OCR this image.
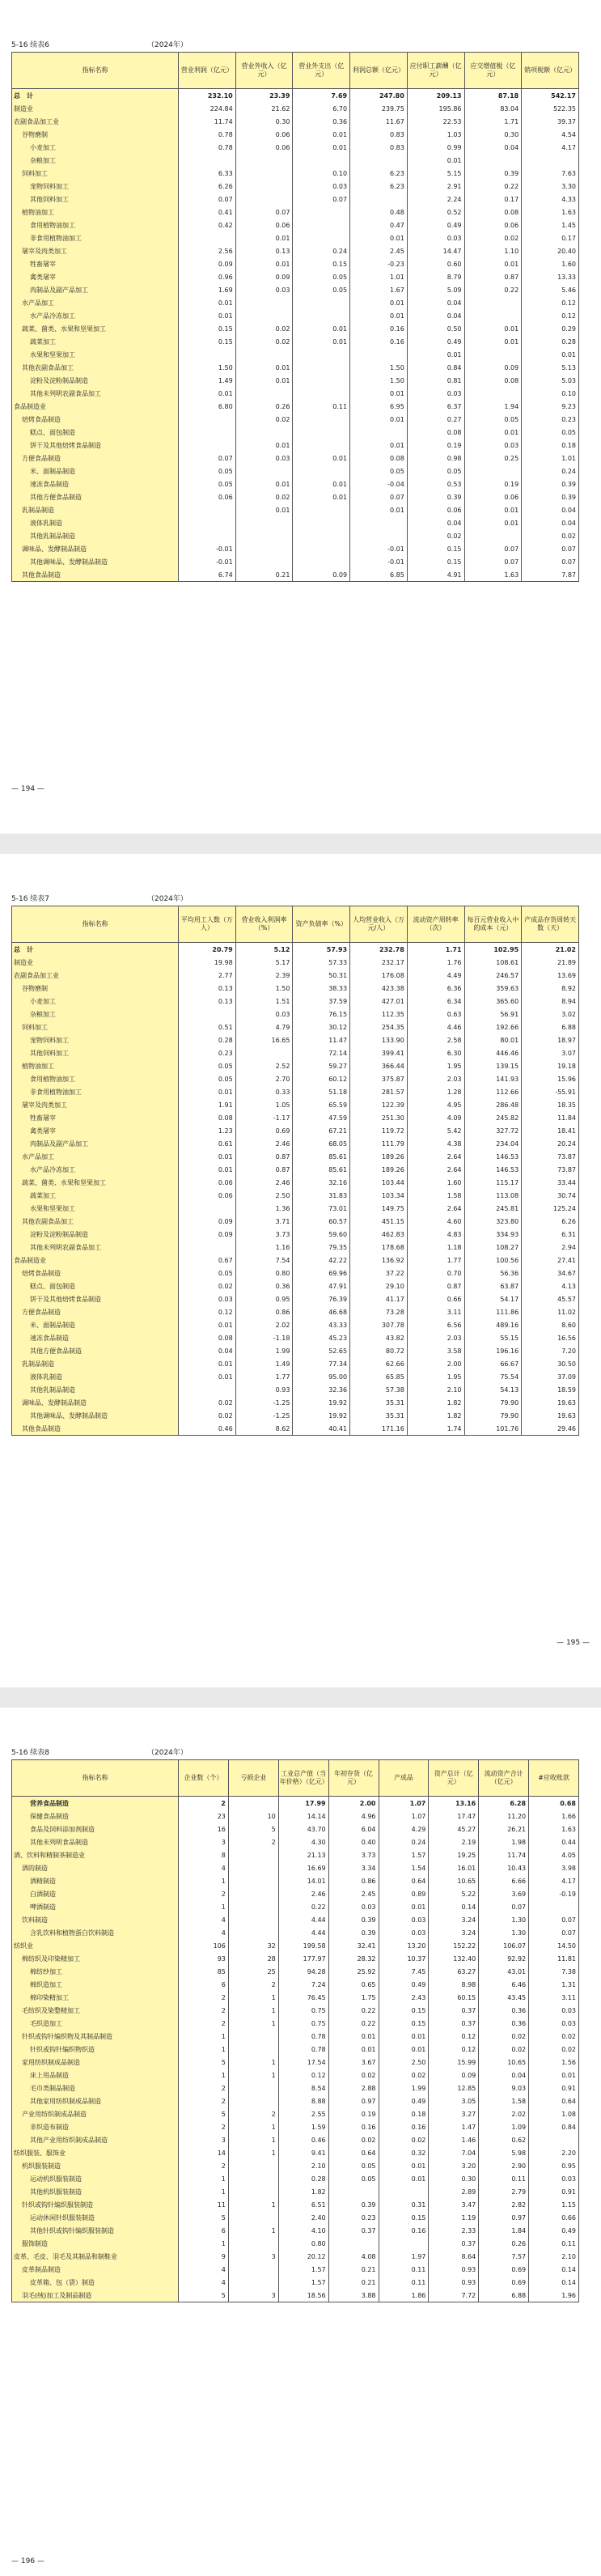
5-16 续表6	（2024年）
指标名称	营业利润（亿元）	营业外收入（亿元）	营业外支出（亿元）	利润总额（亿元）	应付职工薪酬（亿元）	应交增值税（亿元）	销项税额（亿元）
总　计	232.10	23.39	7.69	247.80	209.13	87.18	542.17
制造业	224.84	21.62	6.70	239.75	195.86	83.04	522.35
农副食品加工业	11.74	0.30	0.36	11.67	22.53	1.71	39.37
谷物磨制	0.78	0.06	0.01	0.83	1.03	0.30	4.54
小麦加工	0.78	0.06	0.01	0.83	0.99	0.04	4.17
杂粮加工					0.01		
饲料加工	6.33		0.10	6.23	5.15	0.39	7.63
宠物饲料加工	6.26		0.03	6.23	2.91	0.22	3.30
其他饲料加工	0.07		0.07		2.24	0.17	4.33
植物油加工	0.41	0.07		0.48	0.52	0.08	1.63
食用植物油加工	0.42	0.06		0.47	0.49	0.06	1.45
非食用植物油加工		0.01		0.01	0.03	0.02	0.17
屠宰及肉类加工	2.56	0.13	0.24	2.45	14.47	1.10	20.40
牲畜屠宰	0.09	0.01	0.15	-0.23	0.60	0.01	1.60
禽类屠宰	0.96	0.09	0.05	1.01	8.79	0.87	13.33
肉制品及副产品加工	1.69	0.03	0.05	1.67	5.09	0.22	5.46
水产品加工	0.01			0.01	0.04		0.12
水产品冷冻加工	0.01			0.01	0.04		0.12
蔬菜、菌类、水果和坚果加工	0.15	0.02	0.01	0.16	0.50	0.01	0.29
蔬菜加工	0.15	0.02	0.01	0.16	0.49	0.01	0.28
水果和坚果加工					0.01		0.01
其他农副食品加工	1.50	0.01		1.50	0.84	0.09	5.13
淀粉及淀粉制品制造	1.49	0.01		1.50	0.81	0.08	5.03
其他未列明农副食品加工	0.01			0.01	0.03		0.10
食品制造业	6.80	0.26	0.11	6.95	6.37	1.94	9.23
焙烤食品制造		0.02		0.01	0.27	0.05	0.23
糕点、面包制造					0.08	0.01	0.05
饼干及其他焙烤食品制造		0.01		0.01	0.19	0.03	0.18
方便食品制造	0.07	0.03	0.01	0.08	0.98	0.25	1.01
米、面制品制造	0.05			0.05	0.05		0.24
速冻食品制造	0.05	0.01	0.01	-0.04	0.53	0.19	0.39
其他方便食品制造	0.06	0.02	0.01	0.07	0.39	0.06	0.39
乳制品制造		0.01		0.01	0.06	0.01	0.04
液体乳制造					0.04	0.01	0.04
其他乳制品制造					0.02		0.02
调味品、发酵制品制造	-0.01			-0.01	0.15	0.07	0.07
其他调味品、发酵制品制造	-0.01			-0.01	0.15	0.07	0.07
其他食品制造	6.74	0.21	0.09	6.85	4.91	1.63	7.87
— 194 —
5-16 续表7	（2024年）
指标名称	平均用工人数（万人）	营业收入利润率（%）	资产负债率（%）	人均营业收入（万元/人）	流动资产周转率（次）	每百元营业收入中的成本（元）	产成品存货周转天数（天）
总　计	20.79	5.12	57.93	232.78	1.71	102.95	21.02
制造业	19.98	5.17	57.33	232.17	1.76	108.61	21.89
农副食品加工业	2.77	2.39	50.31	176.08	4.49	246.57	13.69
谷物磨制	0.13	1.50	38.33	423.38	6.36	359.63	8.92
小麦加工	0.13	1.51	37.59	427.01	6.34	365.60	8.94
杂粮加工		0.03	76.15	112.35	0.63	56.91	3.02
饲料加工	0.51	4.79	30.12	254.35	4.46	192.66	6.88
宠物饲料加工	0.28	16.65	11.47	133.90	2.58	80.01	18.97
其他饲料加工	0.23		72.14	399.41	6.30	446.46	3.07
植物油加工	0.05	2.52	59.27	366.44	1.95	139.15	19.18
食用植物油加工	0.05	2.70	60.12	375.87	2.03	141.93	15.96
非食用植物油加工	0.01	0.33	51.18	281.57	1.28	112.66	-55.91
屠宰及肉类加工	1.91	1.05	65.59	122.39	4.95	286.48	18.35
牲畜屠宰	0.08	-1.17	47.59	251.30	4.09	245.82	11.84
禽类屠宰	1.23	0.69	67.21	119.72	5.42	327.72	18.41
肉制品及副产品加工	0.61	2.46	68.05	111.79	4.38	234.04	20.24
水产品加工	0.01	0.87	85.61	189.26	2.64	146.53	73.87
水产品冷冻加工	0.01	0.87	85.61	189.26	2.64	146.53	73.87
蔬菜、菌类、水果和坚果加工	0.06	2.46	32.16	103.44	1.60	115.17	33.44
蔬菜加工	0.06	2.50	31.83	103.34	1.58	113.08	30.74
水果和坚果加工		1.36	73.01	149.75	2.64	245.81	125.24
其他农副食品加工	0.09	3.71	60.57	451.15	4.60	323.80	6.26
淀粉及淀粉制品制造	0.09	3.73	59.60	462.83	4.83	334.93	6.31
其他未列明农副食品加工		1.16	79.35	178.68	1.18	108.27	2.94
食品制造业	0.67	7.54	42.22	136.92	1.77	100.56	27.41
焙烤食品制造	0.05	0.80	69.96	37.22	0.70	56.36	34.67
糕点、面包制造	0.02	0.36	47.91	29.10	0.87	63.87	4.13
饼干及其他焙烤食品制造	0.03	0.95	76.39	41.17	0.66	54.17	45.57
方便食品制造	0.12	0.86	46.68	73.28	3.11	111.86	11.02
米、面制品制造	0.01	2.02	43.33	307.78	6.56	489.16	8.60
速冻食品制造	0.08	-1.18	45.23	43.82	2.03	55.15	16.56
其他方便食品制造	0.04	1.99	52.65	80.72	3.58	196.16	7.20
乳制品制造	0.01	1.49	77.34	62.66	2.00	66.67	30.50
液体乳制造	0.01	1.77	95.00	65.85	1.95	75.54	37.09
其他乳制品制造		0.93	32.36	57.38	2.10	54.13	18.59
调味品、发酵制品制造	0.02	-1.25	19.92	35.31	1.82	79.90	19.63
其他调味品、发酵制品制造	0.02	-1.25	19.92	35.31	1.82	79.90	19.63
其他食品制造	0.46	8.62	40.41	171.16	1.74	101.76	29.46
— 195 —
5-16 续表8	（2024年）
指标名称	企业数（个）	亏损企业	工业总产值（当年价格）（亿元）	年初存货（亿元）	产成品	资产总计（亿元）	流动资产合计（亿元）	#应收账款
营养食品制造	2		17.99	2.00	1.07	13.16	6.28	0.68
保健食品制造	23	10	14.14	4.96	1.07	17.47	11.20	1.66
食品及饲料添加剂制造	16	5	43.70	6.04	4.29	45.27	26.21	1.63
其他未列明食品制造	3	2	4.30	0.40	0.24	2.19	1.98	0.44
酒、饮料和精制茶制造业	8		21.13	3.73	1.57	19.25	11.74	4.05
酒的制造	4		16.69	3.34	1.54	16.01	10.43	3.98
酒精制造	1		14.01	0.86	0.64	10.65	6.66	4.17
白酒制造	2		2.46	2.45	0.89	5.22	3.69	-0.19
啤酒制造	1		0.22	0.03	0.01	0.14	0.07	
饮料制造	4		4.44	0.39	0.03	3.24	1.30	0.07
含乳饮料和植物蛋白饮料制造	4		4.44	0.39	0.03	3.24	1.30	0.07
纺织业	106	32	199.58	32.41	13.20	152.22	106.07	14.50
棉纺织及印染精加工	93	28	177.97	28.32	10.37	132.40	92.92	11.81
棉纺纱加工	85	25	94.28	25.92	7.45	63.27	43.01	7.38
棉织造加工	6	2	7.24	0.65	0.49	8.98	6.46	1.31
棉印染精加工	2	1	76.45	1.75	2.43	60.15	43.45	3.11
毛纺织及染整精加工	2	1	0.75	0.22	0.15	0.37	0.36	0.03
毛织造加工	2	1	0.75	0.22	0.15	0.37	0.36	0.03
针织或钩针编织物及其制品制造	1		0.78	0.01	0.01	0.12	0.02	0.02
针织或钩针编织物织造	1		0.78	0.01	0.01	0.12	0.02	0.02
家用纺织制成品制造	5	1	17.54	3.67	2.50	15.99	10.65	1.56
床上用品制造	1	1	0.12	0.02	0.02	0.09	0.04	0.01
毛巾类制品制造	2		8.54	2.88	1.99	12.85	9.03	0.91
其他家用纺织制成品制造	2		8.88	0.97	0.49	3.05	1.58	0.64
产业用纺织制成品制造	5	2	2.55	0.19	0.18	3.27	2.02	1.08
非织造布制造	2	1	1.59	0.16	0.16	1.47	1.09	0.84
其他产业用纺织制成品制造	3	1	0.46	0.02	0.02	1.46	0.62	
纺织服装、服饰业	14	1	9.41	0.64	0.32	7.04	5.98	2.20
机织服装制造	2		2.10	0.05	0.01	3.20	2.90	0.95
运动机织服装制造	1		0.28	0.05	0.01	0.30	0.11	0.03
其他机织服装制造	1		1.82			2.89	2.79	0.91
针织或钩针编织服装制造	11	1	6.51	0.39	0.31	3.47	2.82	1.15
运动休闲针织服装制造	5		2.40	0.23	0.15	1.19	0.97	0.66
其他针织或钩针编织服装制造	6	1	4.10	0.37	0.16	2.33	1.84	0.49
服饰制造	1		0.80			0.37	0.26	0.11
皮革、毛皮、羽毛及其制品和制鞋业	9	3	20.12	4.08	1.97	8.64	7.57	2.10
皮革制品制造	4		1.57	0.21	0.11	0.93	0.69	0.14
皮革箱、包（袋）制造	4		1.57	0.21	0.11	0.93	0.69	0.14
羽毛(绒)加工及制品制造	5	3	18.56	3.88	1.86	7.72	6.88	1.96
— 196 —
